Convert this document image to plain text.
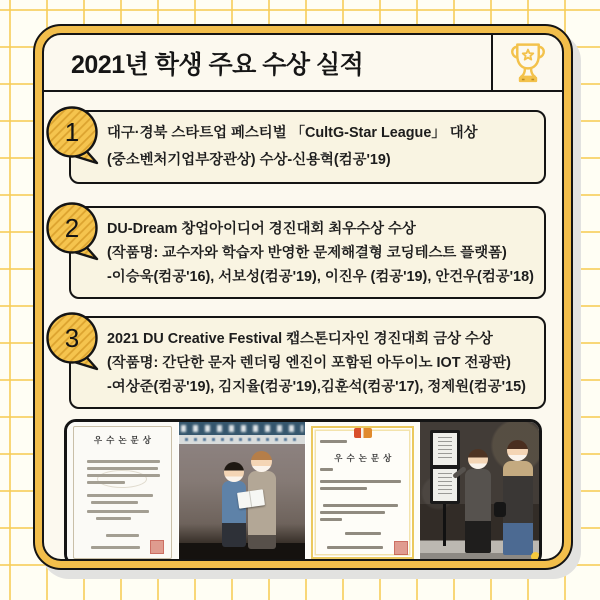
2021년 학생 주요 수상 실적
1 대구·경북 스타트업 페스티벌 「CultG-Star League」 대상
(중소벤처기업부장관상) 수상-신용혁(컴공'19)
2 DU-Dream 창업아이디어 경진대회 최우수상 수상
(작품명: 교수자와 학습자 반영한 문제해결형 코딩테스트 플랫폼)
-이승욱(컴공'16), 서보성(컴공'19), 이진우 (컴공'19), 안건우(컴공'18)
3 2021 DU Creative Festival 캡스톤디자인 경진대회 금상 수상
(작품명: 간단한 문자 렌더링 엔진이 포함된 아두이노 IOT 전광판)
-여상준(컴공'19), 김지율(컴공'19),김훈석(컴공'17), 정제원(컴공'15)
우수논문상
우수논문상
